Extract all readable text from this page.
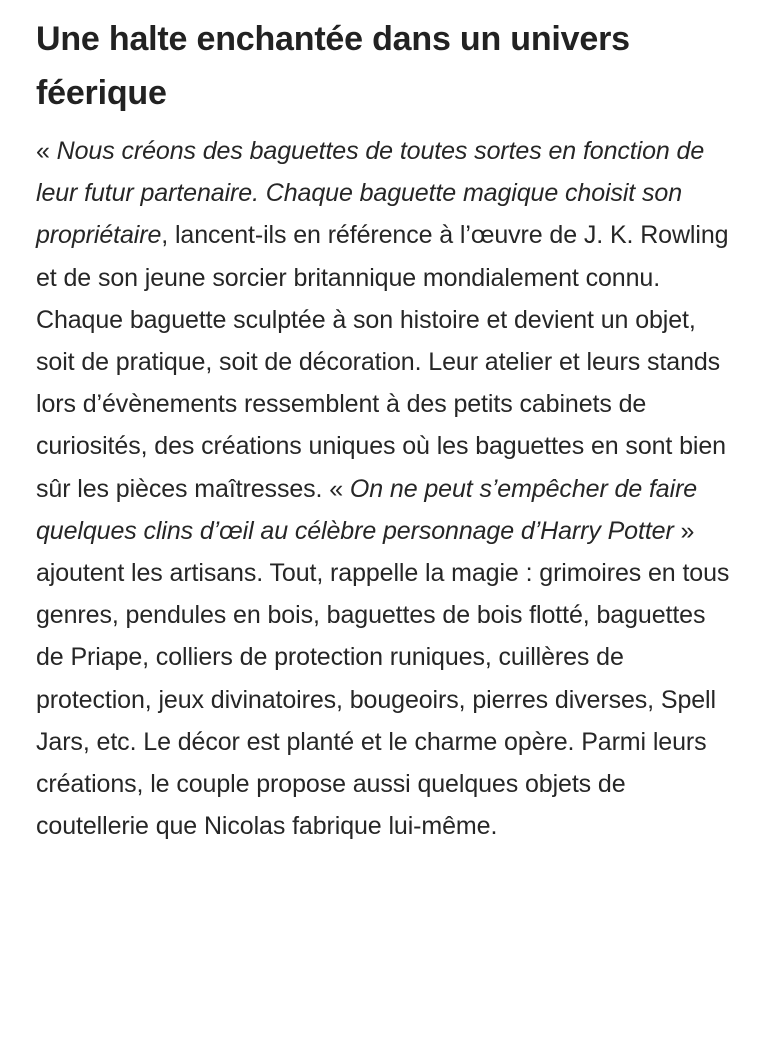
Une halte enchantée dans un univers féerique

« Nous créons des baguettes de toutes sortes en fonction de leur futur partenaire. Chaque baguette magique choisit son propriétaire, lancent-ils en référence à l’œuvre de J. K. Rowling et de son jeune sorcier britannique mondialement connu. Chaque baguette sculptée à son histoire et devient un objet, soit de pratique, soit de décoration. Leur atelier et leurs stands lors d’évènements ressemblent à des petits cabinets de curiosités, des créations uniques où les baguettes en sont bien sûr les pièces maîtresses. « On ne peut s’empêcher de faire quelques clins d’œil au célèbre personnage d’Harry Potter » ajoutent les artisans. Tout, rappelle la magie : grimoires en tous genres, pendules en bois, baguettes de bois flotté, baguettes de Priape, colliers de protection runiques, cuillères de protection, jeux divinatoires, bougeoirs, pierres diverses, Spell Jars, etc. Le décor est planté et le charme opère. Parmi leurs créations, le couple propose aussi quelques objets de coutellerie que Nicolas fabrique lui-même.
